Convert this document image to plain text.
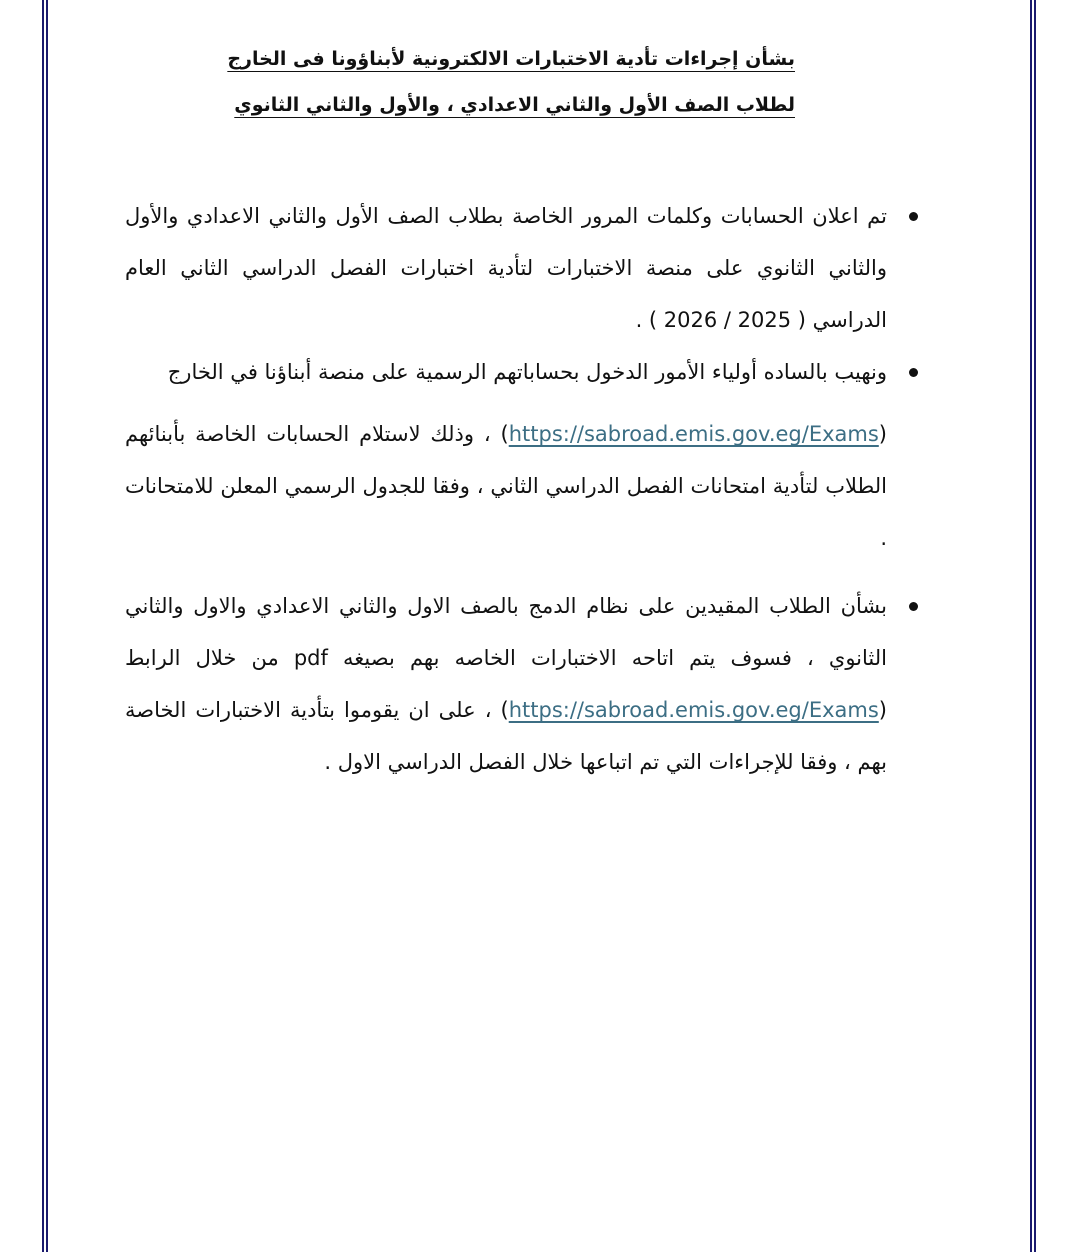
بشأن إجراءات تأدية الاختبارات الالكترونية لأبناؤونا فى الخارج
لطلاب الصف الأول والثاني الاعدادي ، والأول والثاني الثانوي

تم اعلان الحسابات وكلمات المرور الخاصة بطلاب الصف الأول والثاني الاعدادي والأول والثاني الثانوي على منصة الاختبارات لتأدية اختبارات الفصل الدراسي الثاني العام الدراسي ( 2025 / 2026 ) .

ونهيب بالساده أولياء الأمور الدخول بحساباتهم الرسمية على منصة أبناؤنا في الخارج
(https://sabroad.emis.gov.eg/Exams) ، وذلك لاستلام الحسابات الخاصة بأبنائهم الطلاب لتأدية امتحانات الفصل الدراسي الثاني ، وفقا للجدول الرسمي المعلن للامتحانات .

بشأن الطلاب المقيدين على نظام الدمج بالصف الاول والثاني الاعدادي والاول والثاني الثانوي ، فسوف يتم اتاحه الاختبارات الخاصه بهم بصيغه pdf من خلال الرابط (https://sabroad.emis.gov.eg/Exams) ، على ان يقوموا بتأدية الاختبارات الخاصة بهم ، وفقا للإجراءات التي تم اتباعها خلال الفصل الدراسي الاول .
